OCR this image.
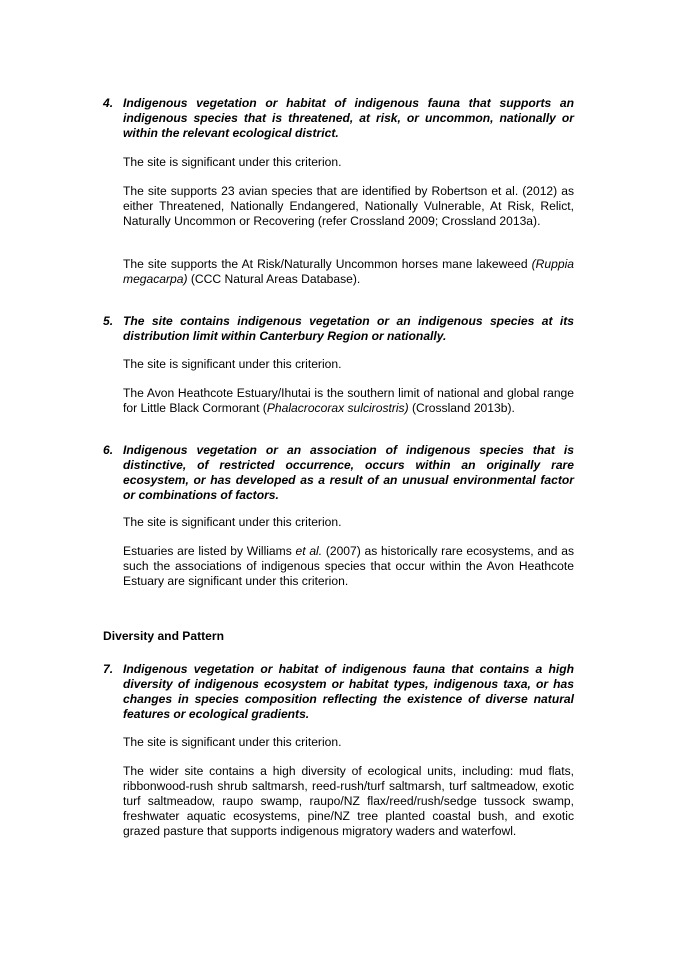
4. Indigenous vegetation or habitat of indigenous fauna that supports an indigenous species that is threatened, at risk, or uncommon, nationally or within the relevant ecological district.
The site is significant under this criterion.
The site supports 23 avian species that are identified by Robertson et al. (2012) as either Threatened, Nationally Endangered, Nationally Vulnerable, At Risk, Relict, Naturally Uncommon or Recovering (refer Crossland 2009; Crossland 2013a).
The site supports the At Risk/Naturally Uncommon horses mane lakeweed (Ruppia megacarpa) (CCC Natural Areas Database).
5. The site contains indigenous vegetation or an indigenous species at its distribution limit within Canterbury Region or nationally.
The site is significant under this criterion.
The Avon Heathcote Estuary/Ihutai is the southern limit of national and global range for Little Black Cormorant (Phalacrocorax sulcirostris) (Crossland 2013b).
6. Indigenous vegetation or an association of indigenous species that is distinctive, of restricted occurrence, occurs within an originally rare ecosystem, or has developed as a result of an unusual environmental factor or combinations of factors.
The site is significant under this criterion.
Estuaries are listed by Williams et al. (2007) as historically rare ecosystems, and as such the associations of indigenous species that occur within the Avon Heathcote Estuary are significant under this criterion.
Diversity and Pattern
7. Indigenous vegetation or habitat of indigenous fauna that contains a high diversity of indigenous ecosystem or habitat types, indigenous taxa, or has changes in species composition reflecting the existence of diverse natural features or ecological gradients.
The site is significant under this criterion.
The wider site contains a high diversity of ecological units, including: mud flats, ribbonwood-rush shrub saltmarsh, reed-rush/turf saltmarsh, turf saltmeadow, exotic turf saltmeadow, raupo swamp, raupo/NZ flax/reed/rush/sedge tussock swamp, freshwater aquatic ecosystems, pine/NZ tree planted coastal bush, and exotic grazed pasture that supports indigenous migratory waders and waterfowl.
